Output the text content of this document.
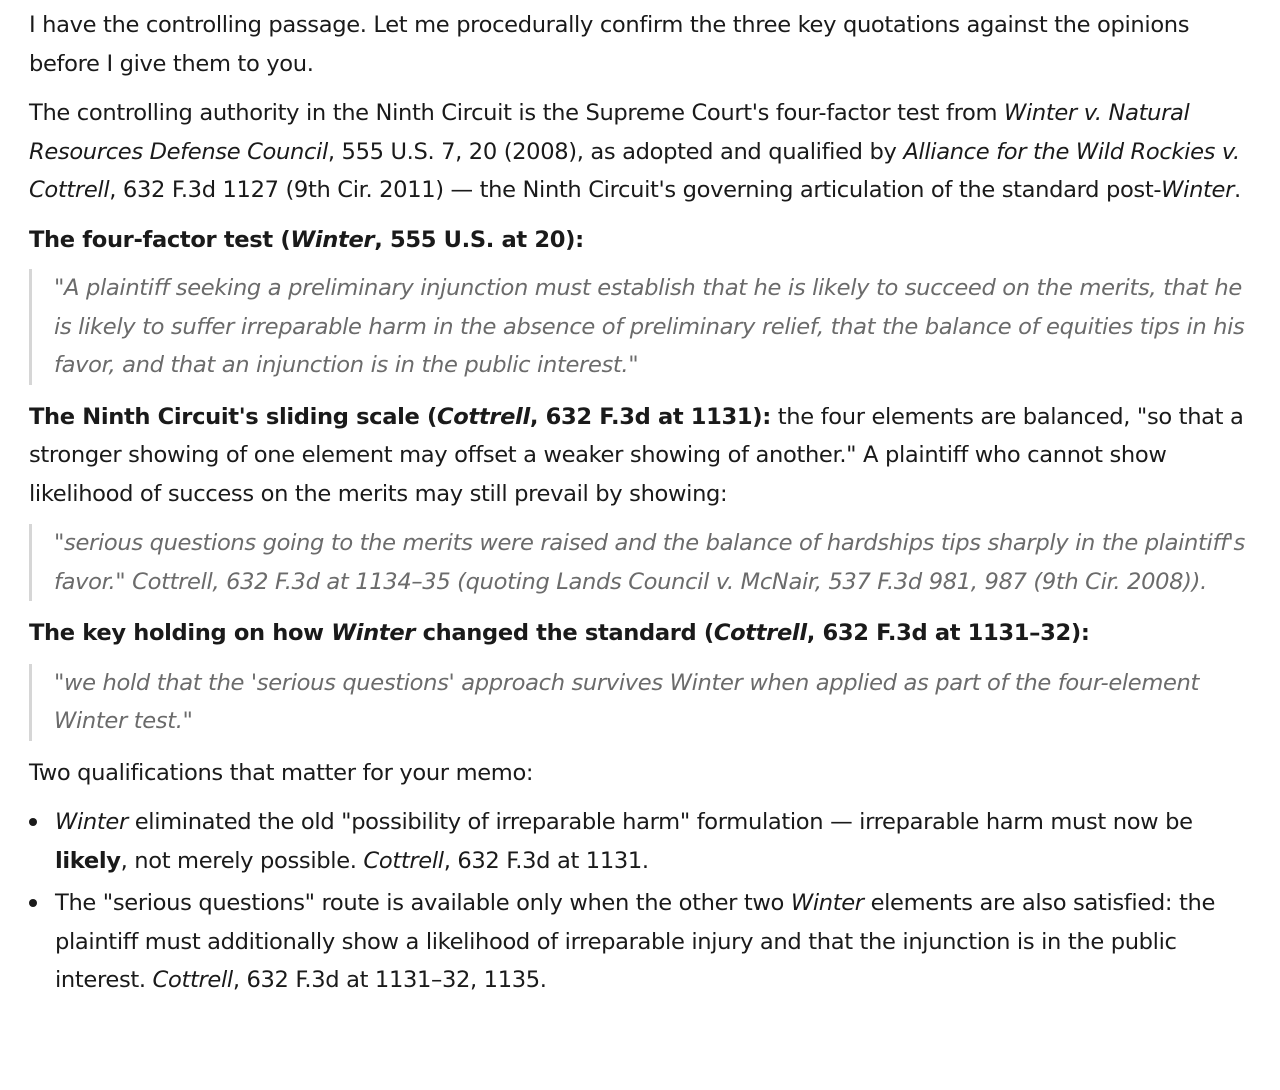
I have the controlling passage. Let me procedurally confirm the three key quotations against the opinions before I give them to you.

The controlling authority in the Ninth Circuit is the Supreme Court's four-factor test from Winter v. Natural Resources Defense Council, 555 U.S. 7, 20 (2008), as adopted and qualified by Alliance for the Wild Rockies v. Cottrell, 632 F.3d 1127 (9th Cir. 2011) — the Ninth Circuit's governing articulation of the standard post-Winter.

The four-factor test (Winter, 555 U.S. at 20):

"A plaintiff seeking a preliminary injunction must establish that he is likely to succeed on the merits, that he is likely to suffer irreparable harm in the absence of preliminary relief, that the balance of equities tips in his favor, and that an injunction is in the public interest."

The Ninth Circuit's sliding scale (Cottrell, 632 F.3d at 1131): the four elements are balanced, "so that a stronger showing of one element may offset a weaker showing of another." A plaintiff who cannot show likelihood of success on the merits may still prevail by showing:

"serious questions going to the merits were raised and the balance of hardships tips sharply in the plaintiff's favor." Cottrell, 632 F.3d at 1134–35 (quoting Lands Council v. McNair, 537 F.3d 981, 987 (9th Cir. 2008)).

The key holding on how Winter changed the standard (Cottrell, 632 F.3d at 1131–32):

"we hold that the 'serious questions' approach survives Winter when applied as part of the four-element Winter test."

Two qualifications that matter for your memo:

Winter eliminated the old "possibility of irreparable harm" formulation — irreparable harm must now be likely, not merely possible. Cottrell, 632 F.3d at 1131.
The "serious questions" route is available only when the other two Winter elements are also satisfied: the plaintiff must additionally show a likelihood of irreparable injury and that the injunction is in the public interest. Cottrell, 632 F.3d at 1131–32, 1135.
